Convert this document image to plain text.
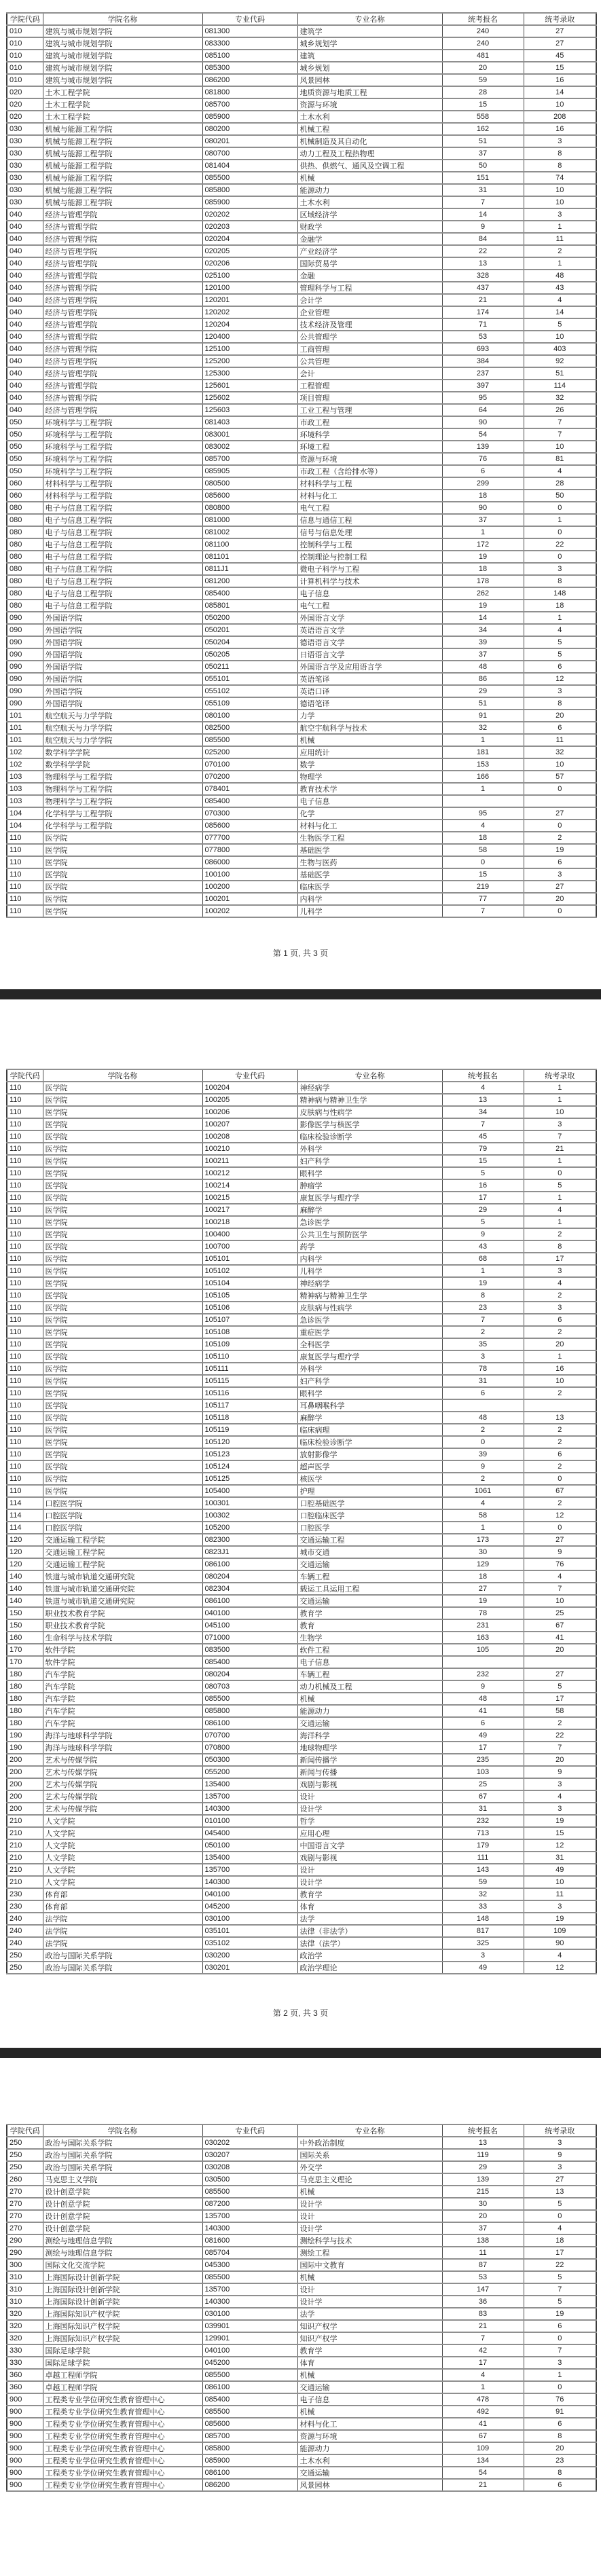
学院代码	学院名称	专业代码	专业名称	统考报名	统考录取
010	建筑与城市规划学院	081300	建筑学	240	27
010	建筑与城市规划学院	083300	城乡规划学	240	27
010	建筑与城市规划学院	085100	建筑	481	45
010	建筑与城市规划学院	085300	城乡规划	20	15
010	建筑与城市规划学院	086200	风景园林	59	16
020	土木工程学院	081800	地质资源与地质工程	28	14
020	土木工程学院	085700	资源与环境	15	10
020	土木工程学院	085900	土木水利	558	208
030	机械与能源工程学院	080200	机械工程	162	16
030	机械与能源工程学院	080201	机械制造及其自动化	51	3
030	机械与能源工程学院	080700	动力工程及工程热物理	37	8
030	机械与能源工程学院	081404	供热、供燃气、通风及空调工程	50	8
030	机械与能源工程学院	085500	机械	151	74
030	机械与能源工程学院	085800	能源动力	31	10
030	机械与能源工程学院	085900	土木水利	7	10
040	经济与管理学院	020202	区域经济学	14	3
040	经济与管理学院	020203	财政学	9	1
040	经济与管理学院	020204	金融学	84	11
040	经济与管理学院	020205	产业经济学	22	2
040	经济与管理学院	020206	国际贸易学	13	1
040	经济与管理学院	025100	金融	328	48
040	经济与管理学院	120100	管理科学与工程	437	43
040	经济与管理学院	120201	会计学	21	4
040	经济与管理学院	120202	企业管理	174	14
040	经济与管理学院	120204	技术经济及管理	71	5
040	经济与管理学院	120400	公共管理学	53	10
040	经济与管理学院	125100	工商管理	693	403
040	经济与管理学院	125200	公共管理	384	92
040	经济与管理学院	125300	会计	237	51
040	经济与管理学院	125601	工程管理	397	114
040	经济与管理学院	125602	项目管理	95	32
040	经济与管理学院	125603	工业工程与管理	64	26
050	环境科学与工程学院	081403	市政工程	90	7
050	环境科学与工程学院	083001	环境科学	54	7
050	环境科学与工程学院	083002	环境工程	139	10
050	环境科学与工程学院	085700	资源与环境	76	81
050	环境科学与工程学院	085905	市政工程（含给排水等）	6	4
060	材料科学与工程学院	080500	材料科学与工程	299	28
060	材料科学与工程学院	085600	材料与化工	18	50
080	电子与信息工程学院	080800	电气工程	90	0
080	电子与信息工程学院	081000	信息与通信工程	37	1
080	电子与信息工程学院	081002	信号与信息处理	1	0
080	电子与信息工程学院	081100	控制科学与工程	172	22
080	电子与信息工程学院	081101	控制理论与控制工程	19	0
080	电子与信息工程学院	0811J1	微电子科学与工程	18	3
080	电子与信息工程学院	081200	计算机科学与技术	178	8
080	电子与信息工程学院	085400	电子信息	262	148
080	电子与信息工程学院	085801	电气工程	19	18
090	外国语学院	050200	外国语言文学	14	1
090	外国语学院	050201	英语语言文学	34	4
090	外国语学院	050204	德语语言文学	39	5
090	外国语学院	050205	日语语言文学	37	5
090	外国语学院	050211	外国语言学及应用语言学	48	6
090	外国语学院	055101	英语笔译	86	12
090	外国语学院	055102	英语口译	29	3
090	外国语学院	055109	德语笔译	51	8
101	航空航天与力学学院	080100	力学	91	20
101	航空航天与力学学院	082500	航空宇航科学与技术	32	6
101	航空航天与力学学院	085500	机械	1	11
102	数学科学学院	025200	应用统计	181	32
102	数学科学学院	070100	数学	153	10
103	物理科学与工程学院	070200	物理学	166	57
103	物理科学与工程学院	078401	教育技术学	1	0
103	物理科学与工程学院	085400	电子信息		
104	化学科学与工程学院	070300	化学	95	27
104	化学科学与工程学院	085600	材料与化工	4	0
110	医学院	077700	生物医学工程	18	2
110	医学院	077800	基础医学	58	19
110	医学院	086000	生物与医药	0	6
110	医学院	100100	基础医学	15	3
110	医学院	100200	临床医学	219	27
110	医学院	100201	内科学	77	20
110	医学院	100202	儿科学	7	0
第 1 页, 共 3 页
学院代码	学院名称	专业代码	专业名称	统考报名	统考录取
110	医学院	100204	神经病学	4	1
110	医学院	100205	精神病与精神卫生学	13	1
110	医学院	100206	皮肤病与性病学	34	10
110	医学院	100207	影像医学与核医学	7	3
110	医学院	100208	临床检验诊断学	45	7
110	医学院	100210	外科学	79	21
110	医学院	100211	妇产科学	15	1
110	医学院	100212	眼科学	5	0
110	医学院	100214	肿瘤学	16	5
110	医学院	100215	康复医学与理疗学	17	1
110	医学院	100217	麻醉学	29	4
110	医学院	100218	急诊医学	5	1
110	医学院	100400	公共卫生与预防医学	9	2
110	医学院	100700	药学	43	8
110	医学院	105101	内科学	68	17
110	医学院	105102	儿科学	1	3
110	医学院	105104	神经病学	19	4
110	医学院	105105	精神病与精神卫生学	8	2
110	医学院	105106	皮肤病与性病学	23	3
110	医学院	105107	急诊医学	7	6
110	医学院	105108	重症医学	2	2
110	医学院	105109	全科医学	35	20
110	医学院	105110	康复医学与理疗学	3	1
110	医学院	105111	外科学	78	16
110	医学院	105115	妇产科学	31	10
110	医学院	105116	眼科学	6	2
110	医学院	105117	耳鼻咽喉科学		
110	医学院	105118	麻醉学	48	13
110	医学院	105119	临床病理	2	2
110	医学院	105120	临床检验诊断学	0	2
110	医学院	105123	放射影像学	39	6
110	医学院	105124	超声医学	9	2
110	医学院	105125	核医学	2	0
110	医学院	105400	护理	1061	67
114	口腔医学院	100301	口腔基础医学	4	2
114	口腔医学院	100302	口腔临床医学	58	12
114	口腔医学院	105200	口腔医学	1	0
120	交通运输工程学院	082300	交通运输工程	173	27
120	交通运输工程学院	0823J1	城市交通	30	9
120	交通运输工程学院	086100	交通运输	129	76
140	铁道与城市轨道交通研究院	080204	车辆工程	18	4
140	铁道与城市轨道交通研究院	082304	载运工具运用工程	27	7
140	铁道与城市轨道交通研究院	086100	交通运输	19	10
150	职业技术教育学院	040100	教育学	78	25
150	职业技术教育学院	045100	教育	231	67
160	生命科学与技术学院	071000	生物学	163	41
170	软件学院	083500	软件工程	105	20
170	软件学院	085400	电子信息		
180	汽车学院	080204	车辆工程	232	27
180	汽车学院	080703	动力机械及工程	9	5
180	汽车学院	085500	机械	48	17
180	汽车学院	085800	能源动力	41	58
180	汽车学院	086100	交通运输	6	2
190	海洋与地球科学学院	070700	海洋科学	49	22
190	海洋与地球科学学院	070800	地球物理学	17	7
200	艺术与传媒学院	050300	新闻传播学	235	20
200	艺术与传媒学院	055200	新闻与传播	103	9
200	艺术与传媒学院	135400	戏剧与影视	25	3
200	艺术与传媒学院	135700	设计	67	4
200	艺术与传媒学院	140300	设计学	31	3
210	人文学院	010100	哲学	232	19
210	人文学院	045400	应用心理	713	15
210	人文学院	050100	中国语言文学	179	12
210	人文学院	135400	戏剧与影视	111	31
210	人文学院	135700	设计	143	49
210	人文学院	140300	设计学	59	10
230	体育部	040100	教育学	32	11
230	体育部	045200	体育	33	3
240	法学院	030100	法学	148	19
240	法学院	035101	法律（非法学）	817	109
240	法学院	035102	法律（法学）	325	90
250	政治与国际关系学院	030200	政治学	3	4
250	政治与国际关系学院	030201	政治学理论	49	12
第 2 页, 共 3 页
学院代码	学院名称	专业代码	专业名称	统考报名	统考录取
250	政治与国际关系学院	030202	中外政治制度	13	3
250	政治与国际关系学院	030207	国际关系	119	9
250	政治与国际关系学院	030208	外交学	29	3
260	马克思主义学院	030500	马克思主义理论	139	27
270	设计创意学院	085500	机械	215	13
270	设计创意学院	087200	设计学	30	5
270	设计创意学院	135700	设计	20	0
270	设计创意学院	140300	设计学	37	4
290	测绘与地理信息学院	081600	测绘科学与技术	138	18
290	测绘与地理信息学院	085704	测绘工程	11	17
300	国际文化交流学院	045300	国际中文教育	87	22
310	上海国际设计创新学院	085500	机械	53	5
310	上海国际设计创新学院	135700	设计	147	7
310	上海国际设计创新学院	140300	设计学	36	5
320	上海国际知识产权学院	030100	法学	83	19
320	上海国际知识产权学院	039901	知识产权学	21	6
320	上海国际知识产权学院	129901	知识产权学	7	0
330	国际足球学院	040100	教育学	42	7
330	国际足球学院	045200	体育	17	3
360	卓越工程师学院	085500	机械	4	1
360	卓越工程师学院	086100	交通运输	1	0
900	工程类专业学位研究生教育管理中心	085400	电子信息	478	76
900	工程类专业学位研究生教育管理中心	085500	机械	492	91
900	工程类专业学位研究生教育管理中心	085600	材料与化工	41	6
900	工程类专业学位研究生教育管理中心	085700	资源与环境	67	8
900	工程类专业学位研究生教育管理中心	085800	能源动力	109	20
900	工程类专业学位研究生教育管理中心	085900	土木水利	134	23
900	工程类专业学位研究生教育管理中心	086100	交通运输	54	8
900	工程类专业学位研究生教育管理中心	086200	风景园林	21	6
